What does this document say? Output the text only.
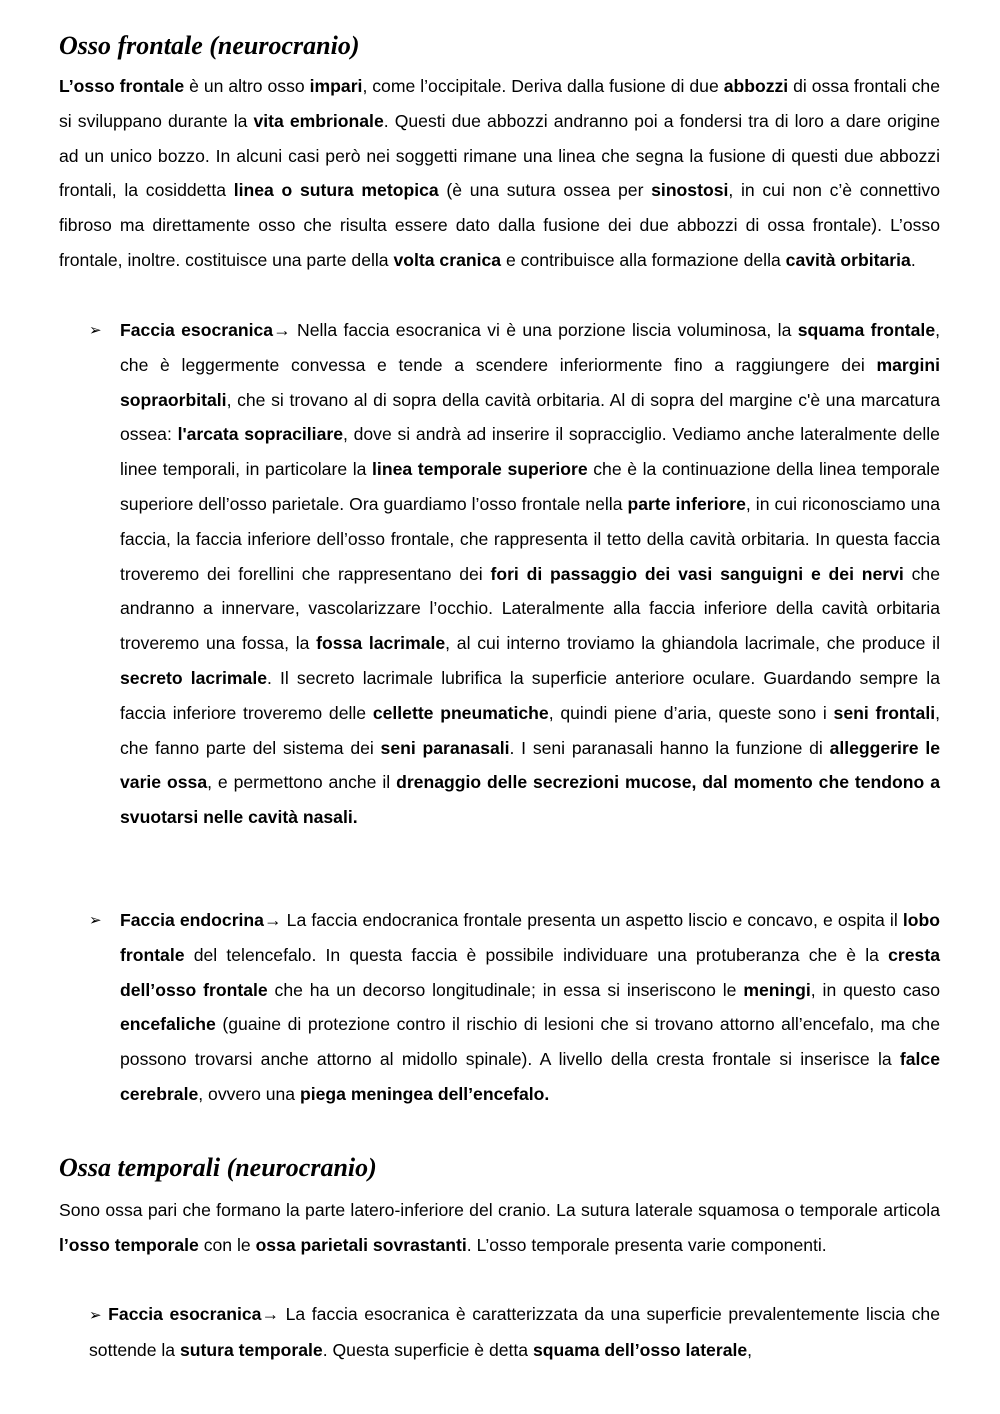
Osso frontale (neurocranio)

L’osso frontale è un altro osso impari, come l’occipitale. Deriva dalla fusione di due abbozzi di ossa frontali che si sviluppano durante la vita embrionale. Questi due abbozzi andranno poi a fondersi tra di loro a dare origine ad un unico bozzo. In alcuni casi però nei soggetti rimane una linea che segna la fusione di questi due abbozzi frontali, la cosiddetta linea o sutura metopica (è una sutura ossea per sinostosi, in cui non c’è connettivo fibroso ma direttamente osso che risulta essere dato dalla fusione dei due abbozzi di ossa frontale). L’osso frontale, inoltre. costituisce una parte della volta cranica e contribuisce alla formazione della cavità orbitaria.

➢ Faccia esocranica→ Nella faccia esocranica vi è una porzione liscia voluminosa, la squama frontale, che è leggermente convessa e tende a scendere inferiormente fino a raggiungere dei margini sopraorbitali, che si trovano al di sopra della cavità orbitaria. Al di sopra del margine c'è una marcatura ossea: l'arcata sopraciliare, dove si andrà ad inserire il sopracciglio. Vediamo anche lateralmente delle linee temporali, in particolare la linea temporale superiore che è la continuazione della linea temporale superiore dell’osso parietale. Ora guardiamo l’osso frontale nella parte inferiore, in cui riconosciamo una faccia, la faccia inferiore dell’osso frontale, che rappresenta il tetto della cavità orbitaria. In questa faccia troveremo dei forellini che rappresentano dei fori di passaggio dei vasi sanguigni e dei nervi che andranno a innervare, vascolarizzare l’occhio. Lateralmente alla faccia inferiore della cavità orbitaria troveremo una fossa, la fossa lacrimale, al cui interno troviamo la ghiandola lacrimale, che produce il secreto lacrimale. Il secreto lacrimale lubrifica la superficie anteriore oculare. Guardando sempre la faccia inferiore troveremo delle cellette pneumatiche, quindi piene d’aria, queste sono i seni frontali, che fanno parte del sistema dei seni paranasali. I seni paranasali hanno la funzione di alleggerire le varie ossa, e permettono anche il drenaggio delle secrezioni mucose, dal momento che tendono a svuotarsi nelle cavità nasali.

➢ Faccia endocrina→ La faccia endocranica frontale presenta un aspetto liscio e concavo, e ospita il lobo frontale del telencefalo. In questa faccia è possibile individuare una protuberanza che è la cresta dell’osso frontale che ha un decorso longitudinale; in essa si inseriscono le meningi, in questo caso encefaliche (guaine di protezione contro il rischio di lesioni che si trovano attorno all’encefalo, ma che possono trovarsi anche attorno al midollo spinale). A livello della cresta frontale si inserisce la falce cerebrale, ovvero una piega meningea dell’encefalo.

Ossa temporali (neurocranio)

Sono ossa pari che formano la parte latero-inferiore del cranio. La sutura laterale squamosa o temporale articola l’osso temporale con le ossa parietali sovrastanti. L’osso temporale presenta varie componenti.

➢ Faccia esocranica→ La faccia esocranica è caratterizzata da una superficie prevalentemente liscia che sottende la sutura temporale. Questa superficie è detta squama dell’osso laterale,
